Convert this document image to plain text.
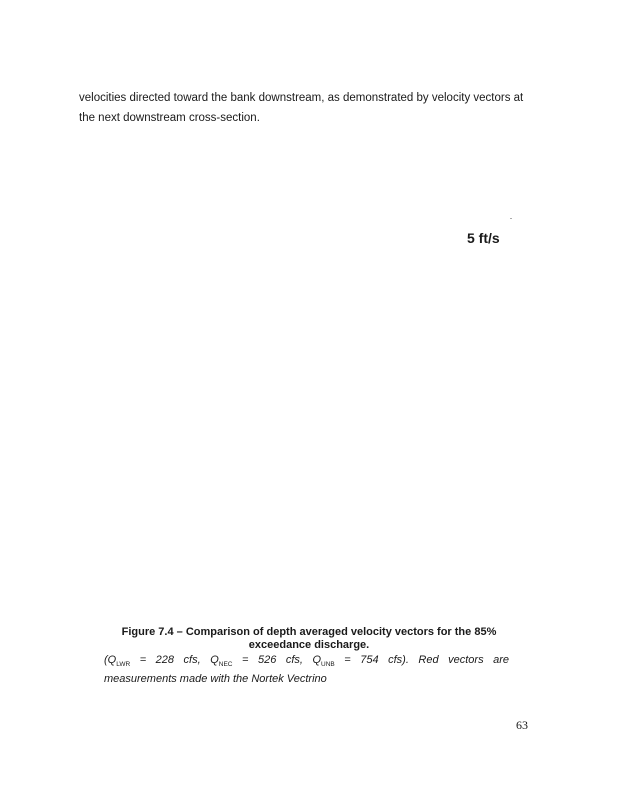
velocities directed toward the bank downstream, as demonstrated by velocity vectors at
the next downstream cross-section.

-
5 ft/s

Figure 7.4 – Comparison of depth averaged velocity vectors for the 85% exceedance discharge.

($Q_{LWR} = 228$ cfs, $Q_{NEC} = 526$ cfs, $Q_{UNB} = 754$ cfs). Red vectors are
measurements made with the Nortek Vectrino

63
